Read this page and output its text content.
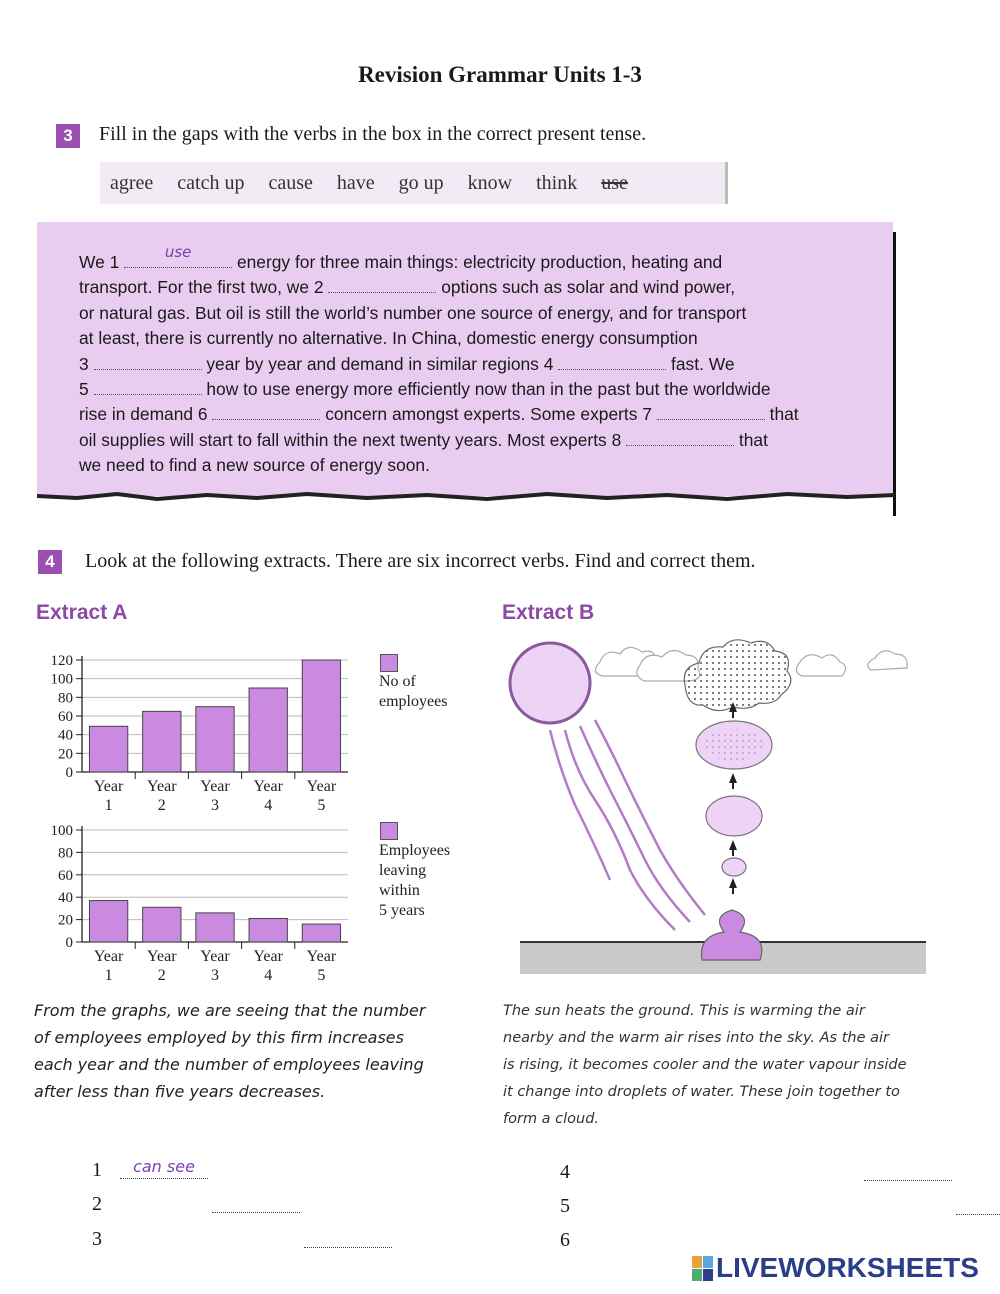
Revision Grammar Units 1-3
3	Fill in the gaps with the verbs in the box in the correct present tense.
agree catch up cause have go up know think use
We 1
use
energy for three main things: electricity production, heating and
transport. For the first two, we 2	options such as solar and wind power,
or natural gas. But oil is still the world’s number one source of energy, and for transport
at least, there is currently no alternative. In China, domestic energy consumption
3	year by year and demand in similar regions 4	fast. We
5	how to use energy more efficiently now than in the past but the worldwide
rise in demand 6	concern amongst experts. Some experts 7	that
oil supplies will start to fall within the next twenty years. Most experts 8	that
we need to find a new source of energy soon.
4	Look at the following extracts. There are six incorrect verbs. Find and correct them.
Extract A	Extract B
0
20
40
60
80
100
120
Year
1
Year
2
Year
3
Year
4
Year
5
0
20
40
60
80
100
Year
1
Year
2
Year
3
Year
4
Year
5
No of
employees
Employees
leaving
within
5 years
From the graphs, we are seeing that the number
of employees employed by this firm increases
each year and the number of employees leaving
after less than five years decreases.
The sun heats the ground. This is warming the air
nearby and the warm air rises into the sky. As the air
is rising, it becomes cooler and the water vapour inside
it change into droplets of water. These join together to
form a cloud.
1	can see

2

3

4

5

6
LIVEWORKSHEETS
